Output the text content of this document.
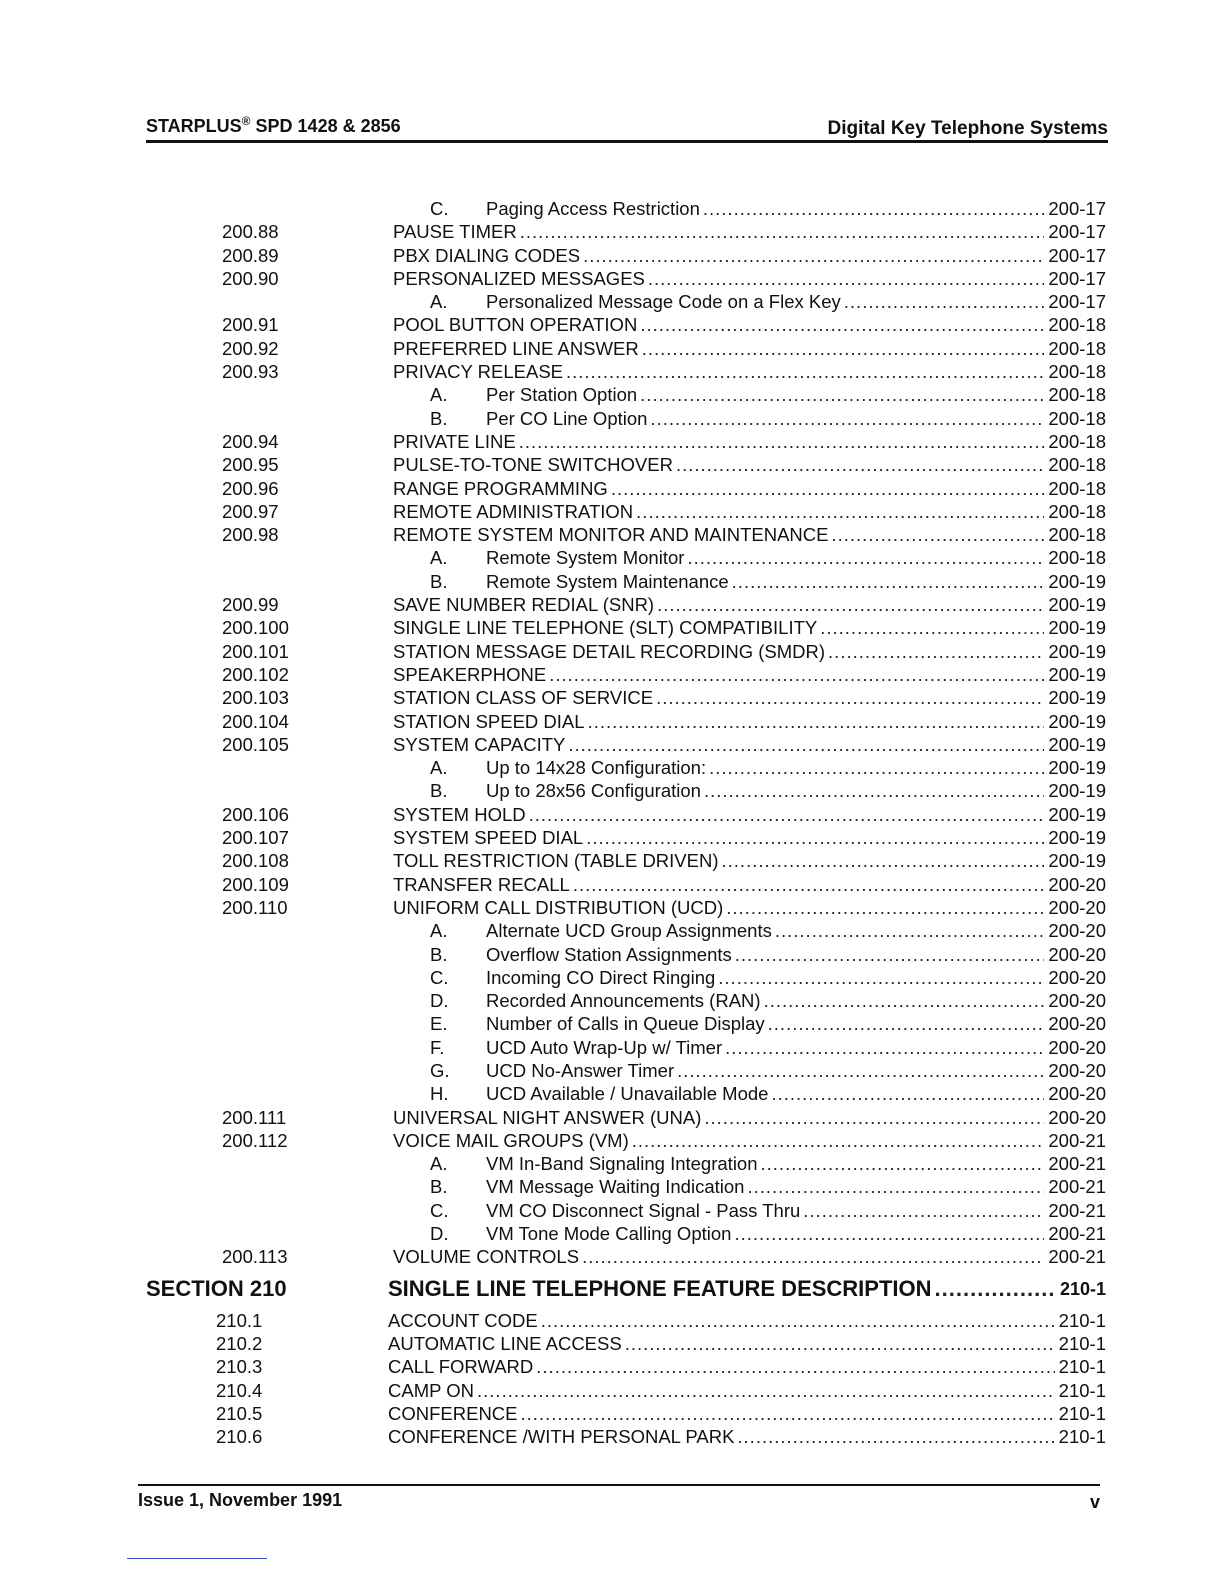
STARPLUS® SPD 1428 & 2856	Digital Key Telephone Systems
C.	Paging Access Restriction .....	200-17
200.88	PAUSE TIMER .....	200-17
200.89	PBX DIALING CODES .....	200-17
200.90	PERSONALIZED MESSAGES .....	200-17
A.	Personalized Message Code on a Flex Key .....	200-17
200.91	POOL BUTTON OPERATION .....	200-18
200.92	PREFERRED LINE ANSWER .....	200-18
200.93	PRIVACY RELEASE .....	200-18
A.	Per Station Option .....	200-18
B.	Per CO Line Option .....	200-18
200.94	PRIVATE LINE .....	200-18
200.95	PULSE-TO-TONE SWITCHOVER .....	200-18
200.96	RANGE PROGRAMMING .....	200-18
200.97	REMOTE ADMINISTRATION .....	200-18
200.98	REMOTE SYSTEM MONITOR AND MAINTENANCE .....	200-18
A.	Remote System Monitor .....	200-18
B.	Remote System Maintenance .....	200-19
200.99	SAVE NUMBER REDIAL (SNR) .....	200-19
200.100	SINGLE LINE TELEPHONE (SLT) COMPATIBILITY .....	200-19
200.101	STATION MESSAGE DETAIL RECORDING (SMDR) .....	200-19
200.102	SPEAKERPHONE .....	200-19
200.103	STATION CLASS OF SERVICE .....	200-19
200.104	STATION SPEED DIAL .....	200-19
200.105	SYSTEM CAPACITY .....	200-19
A.	Up to 14x28 Configuration: .....	200-19
B.	Up to 28x56 Configuration .....	200-19
200.106	SYSTEM HOLD .....	200-19
200.107	SYSTEM SPEED DIAL .....	200-19
200.108	TOLL RESTRICTION (TABLE DRIVEN) .....	200-19
200.109	TRANSFER RECALL .....	200-20
200.110	UNIFORM CALL DISTRIBUTION (UCD) .....	200-20
A.	Alternate UCD Group Assignments .....	200-20
B.	Overflow Station Assignments .....	200-20
C.	Incoming CO Direct Ringing .....	200-20
D.	Recorded Announcements (RAN) .....	200-20
E.	Number of Calls in Queue Display .....	200-20
F.	UCD Auto Wrap-Up w/ Timer .....	200-20
G.	UCD No-Answer Timer .....	200-20
H.	UCD Available / Unavailable Mode .....	200-20
200.111	UNIVERSAL NIGHT ANSWER (UNA) .....	200-20
200.112	VOICE MAIL GROUPS (VM) .....	200-21
A.	VM In-Band Signaling Integration .....	200-21
B.	VM Message Waiting Indication .....	200-21
C.	VM CO Disconnect Signal - Pass Thru .....	200-21
D.	VM Tone Mode Calling Option .....	200-21
200.113	VOLUME CONTROLS .....	200-21
SECTION 210	SINGLE LINE TELEPHONE FEATURE DESCRIPTION .....	210-1
210.1	ACCOUNT CODE .....	210-1
210.2	AUTOMATIC LINE ACCESS .....	210-1
210.3	CALL FORWARD .....	210-1
210.4	CAMP ON .....	210-1
210.5	CONFERENCE .....	210-1
210.6	CONFERENCE /WITH PERSONAL PARK .....	210-1
Issue 1, November 1991	v
